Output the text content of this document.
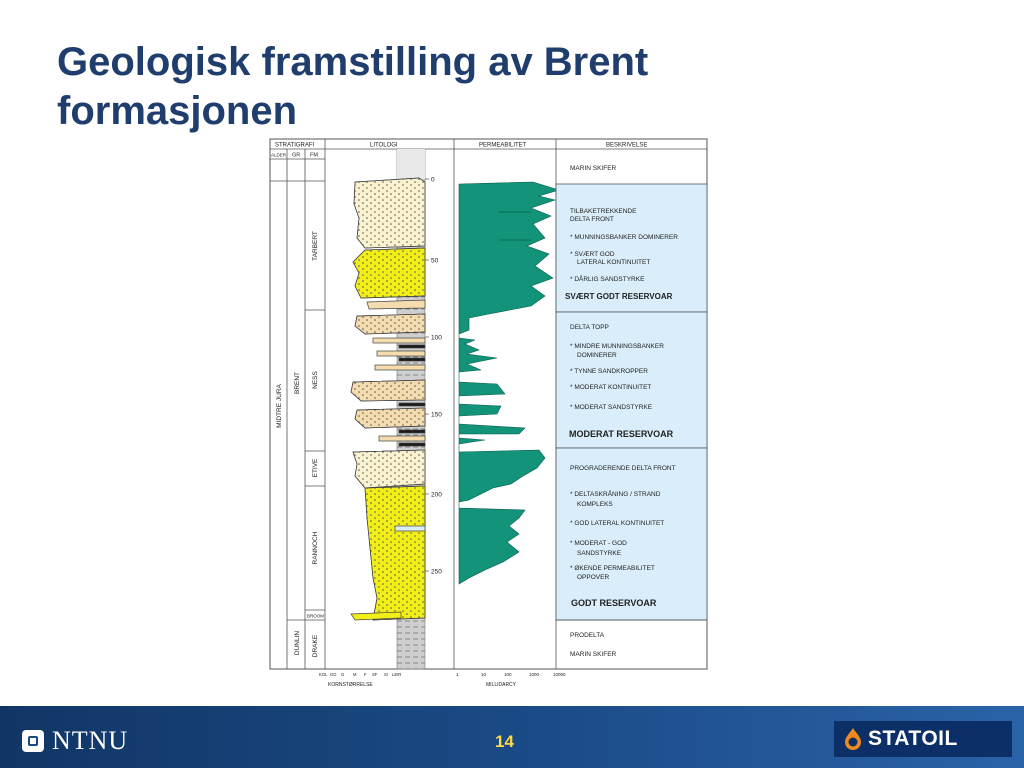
Geologisk framstilling av Brent formasjonen
STRATIGRAFI	LITOLOGI	PERMEABILITET	BESKRIVELSE
ALDER GR FM
MIDTRE JURA
BRENT
DUNLIN
TARBERT
NESS
ETIVE
RANNOCH
BROOM
DRAKE
0
50
100
150
200
250
KOL GG G M F SF SI LEIR	1	10	100	1000	10000
KORNSTØRRELSE	MILLIDARCY
MARIN SKIFER
TILBAKETREKKENDE
DELTA FRONT
* MUNNINGSBANKER DOMINERER
* SVÆRT GOD
LATERAL KONTINUITET
* DÅRLIG SANDSTYRKE
SVÆRT GODT RESERVOAR
DELTA TOPP
* MINDRE MUNNINGSBANKER
DOMINERER
* TYNNE SANDKROPPER
* MODERAT KONTINUITET
* MODERAT SANDSTYRKE
MODERAT RESERVOAR
PROGRADERENDE DELTA FRONT
* DELTASKRÅNING / STRAND
KOMPLEKS
* GOD LATERAL KONTINUITET
* MODERAT - GOD
SANDSTYRKE
* ØKENDE PERMEABILITET
OPPOVER
GODT RESERVOAR
PRODELTA
MARIN SKIFER
NTNU	14	STATOIL
